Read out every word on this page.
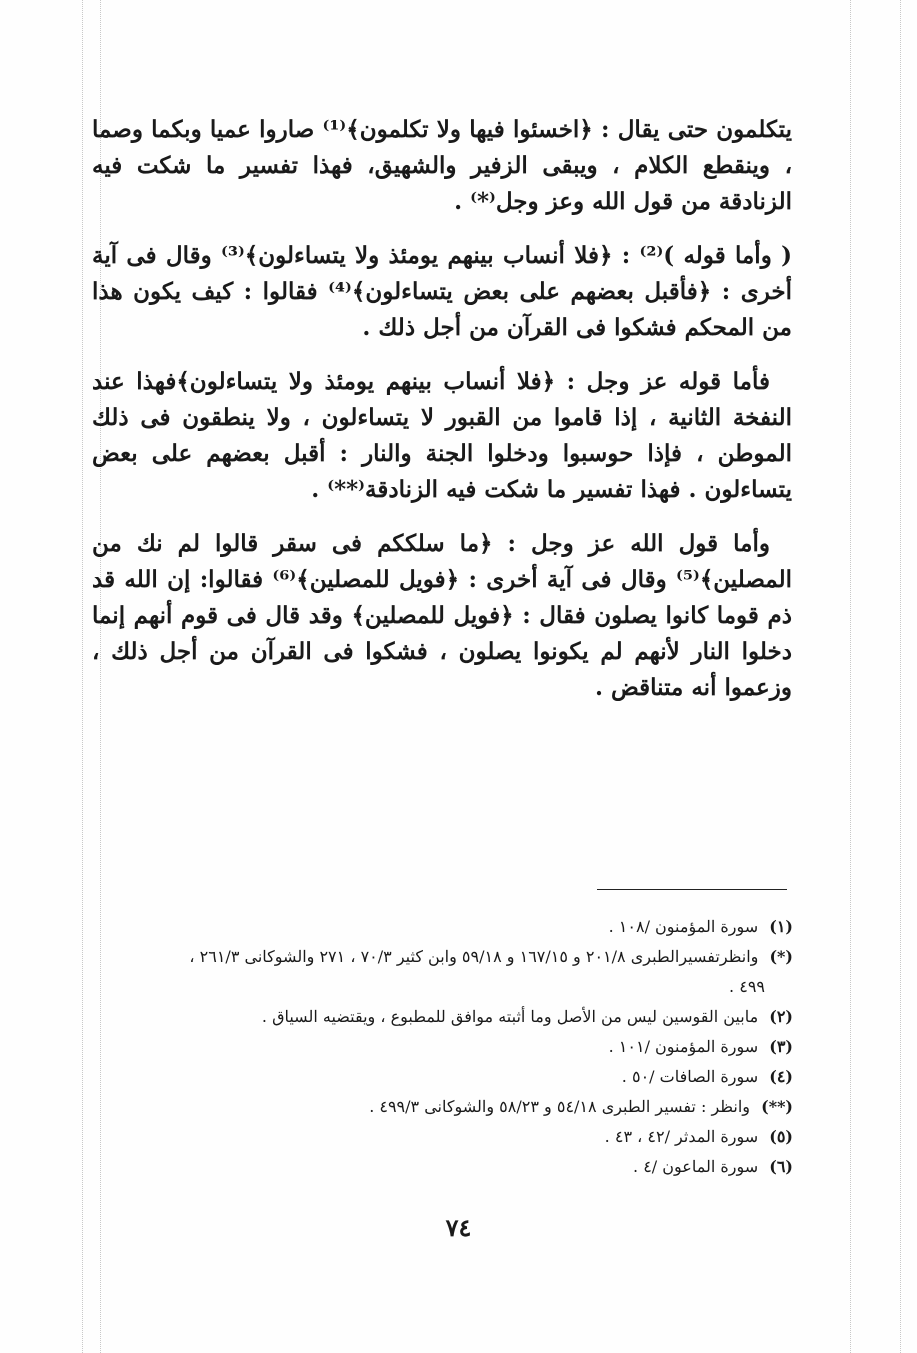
يتكلمون حتى يقال : ﴿اخسئوا فيها ولا تكلمون﴾⁽¹⁾ صاروا عميا وبكما وصما ، وينقطع الكلام ، ويبقى الزفير والشهيق، فهذا تفسير ما شكت فيه الزنادقة من قول الله وعز وجل⁽*⁾ .

( وأما قوله )⁽²⁾ : ﴿فلا أنساب بينهم يومئذ ولا يتساءلون﴾⁽³⁾ وقال فى آية أخرى : ﴿فأقبل بعضهم على بعض يتساءلون﴾⁽⁴⁾ فقالوا : كيف يكون هذا من المحكم فشكوا فى القرآن من أجل ذلك .

فأما قوله عز وجل : ﴿فلا أنساب بينهم يومئذ ولا يتساءلون﴾فهذا عند النفخة الثانية ، إذا قاموا من القبور لا يتساءلون ، ولا ينطقون فى ذلك الموطن ، فإذا حوسبوا ودخلوا الجنة والنار : أقبل بعضهم على بعض يتساءلون . فهذا تفسير ما شكت فيه الزنادقة⁽**⁾ .

وأما قول الله عز وجل : ﴿ما سلككم فى سقر قالوا لم نك من المصلين﴾⁽⁵⁾ وقال فى آية أخرى : ﴿فويل للمصلين﴾⁽⁶⁾ فقالوا: إن الله قد ذم قوما كانوا يصلون فقال : ﴿فويل للمصلين﴾ وقد قال فى قوم أنهم إنما دخلوا النار لأنهم لم يكونوا يصلون ، فشكوا فى القرآن من أجل ذلك ، وزعموا أنه متناقض .

(١) سورة المؤمنون /١٠٨ .
(*) وانظرتفسيرالطبرى ٢٠١/٨ و ١٦٧/١٥ و ٥٩/١٨ وابن كثير ٧٠/٣ ، ٢٧١ والشوكانى ٢٦١/٣ ،
٤٩٩ .
(٢) مابين القوسين ليس من الأصل وما أثبته موافق للمطبوع ، ويقتضيه السياق .
(٣) سورة المؤمنون /١٠١ .
(٤) سورة الصافات /٥٠ .
(**) وانظر : تفسير الطبرى ٥٤/١٨ و ٥٨/٢٣ والشوكانى ٤٩٩/٣ .
(٥) سورة المدثر /٤٢ ، ٤٣ .
(٦) سورة الماعون /٤ .
٧٤
